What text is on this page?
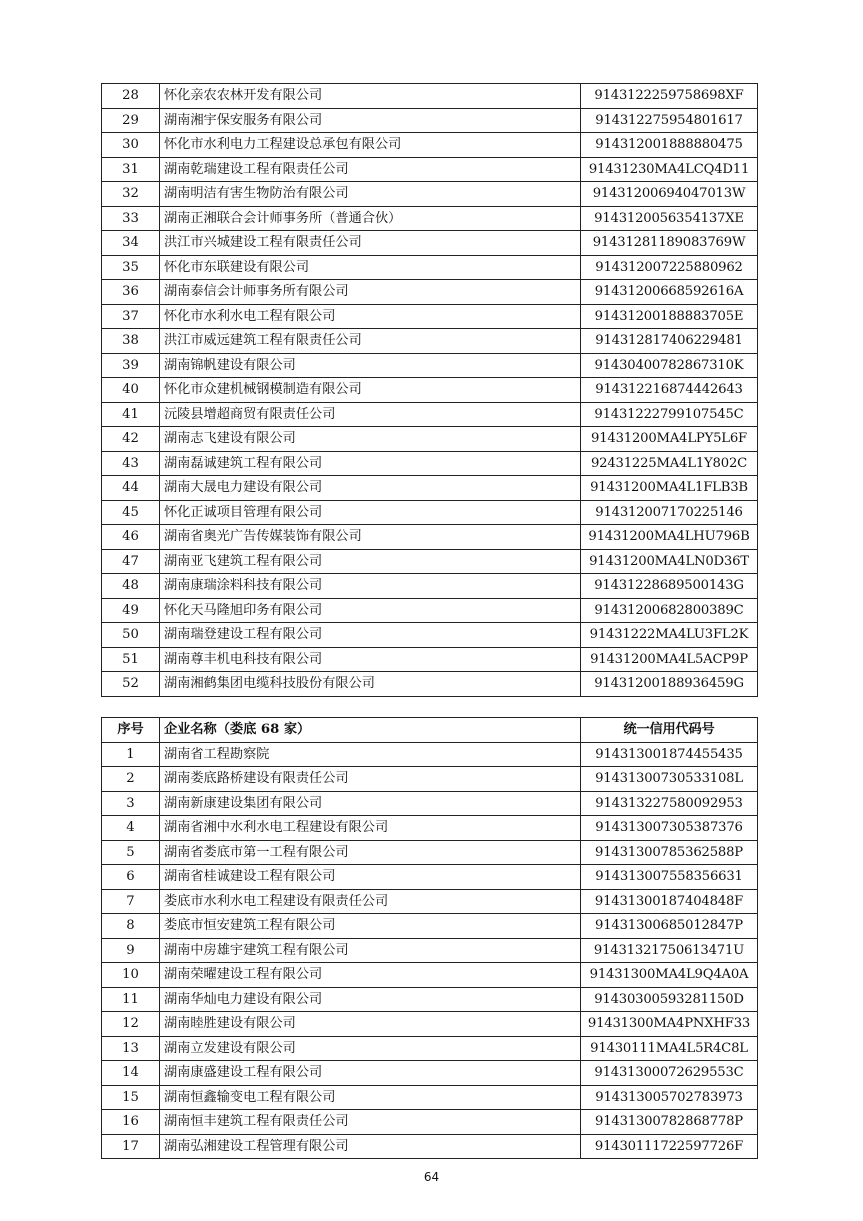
28	怀化亲农农林开发有限公司	9143122259758698XF
29	湖南湘宇保安服务有限公司	914312275954801617
30	怀化市水利电力工程建设总承包有限公司	914312001888880475
31	湖南乾瑞建设工程有限责任公司	91431230MA4LCQ4D11
32	湖南明洁有害生物防治有限公司	91431200694047013W
33	湖南正湘联合会计师事务所（普通合伙）	9143120056354137XE
34	洪江市兴城建设工程有限责任公司	91431281189083769W
35	怀化市东联建设有限公司	914312007225880962
36	湖南泰信会计师事务所有限公司	91431200668592616A
37	怀化市水利水电工程有限公司	91431200188883705E
38	洪江市威远建筑工程有限责任公司	914312817406229481
39	湖南锦帆建设有限公司	91430400782867310K
40	怀化市众建机械钢模制造有限公司	914312216874442643
41	沅陵县增超商贸有限责任公司	91431222799107545C
42	湖南志飞建设有限公司	91431200MA4LPY5L6F
43	湖南磊诚建筑工程有限公司	92431225MA4L1Y802C
44	湖南大晟电力建设有限公司	91431200MA4L1FLB3B
45	怀化正诚项目管理有限公司	914312007170225146
46	湖南省奥光广告传媒装饰有限公司	91431200MA4LHU796B
47	湖南亚飞建筑工程有限公司	91431200MA4LN0D36T
48	湖南康瑞涂料科技有限公司	91431228689500143G
49	怀化天马隆旭印务有限公司	91431200682800389C
50	湖南瑞登建设工程有限公司	91431222MA4LU3FL2K
51	湖南尊丰机电科技有限公司	91431200MA4L5ACP9P
52	湖南湘鹤集团电缆科技股份有限公司	91431200188936459G
序号	企业名称（娄底 68 家）	统一信用代码号
1	湖南省工程勘察院	914313001874455435
2	湖南娄底路桥建设有限责任公司	91431300730533108L
3	湖南新康建设集团有限公司	914313227580092953
4	湖南省湘中水利水电工程建设有限公司	914313007305387376
5	湖南省娄底市第一工程有限公司	91431300785362588P
6	湖南省桂诚建设工程有限公司	914313007558356631
7	娄底市水利水电工程建设有限责任公司	91431300187404848F
8	娄底市恒安建筑工程有限公司	91431300685012847P
9	湖南中房雄宇建筑工程有限公司	91431321750613471U
10	湖南荣曜建设工程有限公司	91431300MA4L9Q4A0A
11	湖南华灿电力建设有限公司	91430300593281150D
12	湖南睦胜建设有限公司	91431300MA4PNXHF33
13	湖南立发建设有限公司	91430111MA4L5R4C8L
14	湖南康盛建设工程有限公司	91431300072629553C
15	湖南恒鑫输变电工程有限公司	914313005702783973
16	湖南恒丰建筑工程有限责任公司	91431300782868778P
17	湖南弘湘建设工程管理有限公司	91430111722597726F
64
